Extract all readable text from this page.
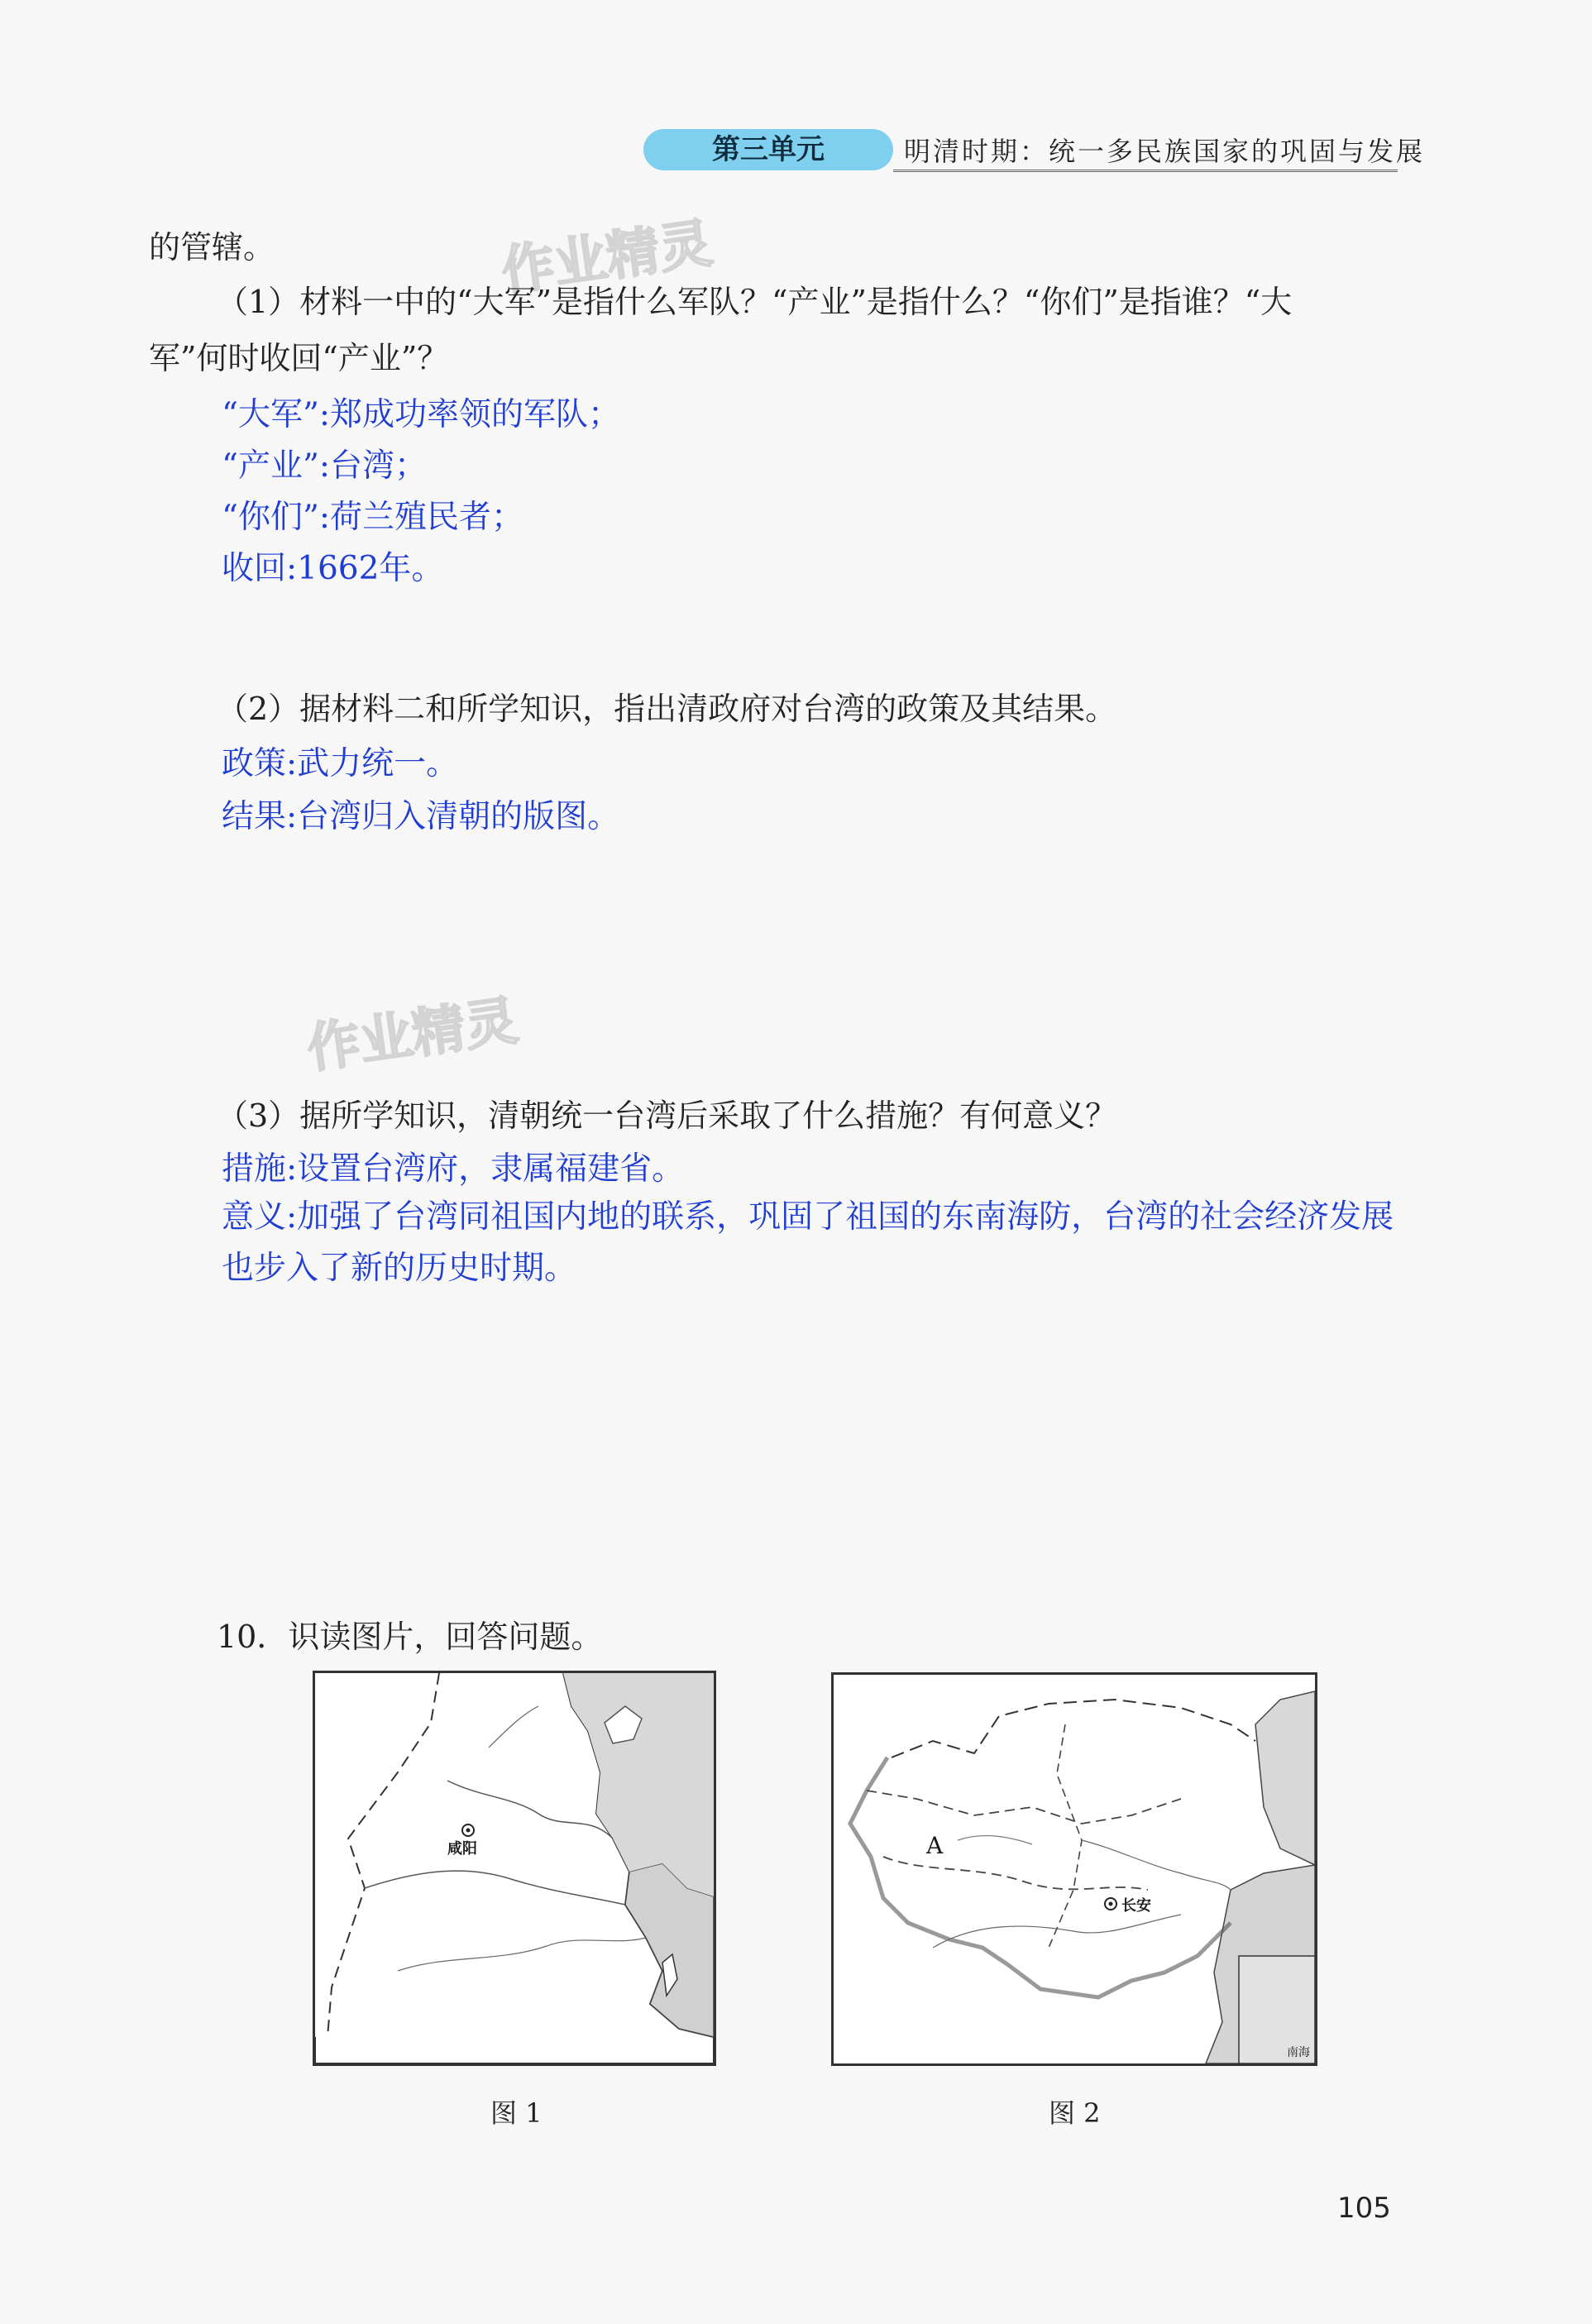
第三单元	明清时期：统一多民族国家的巩固与发展
作业精灵
作业精灵
的管辖。
（1）材料一中的“大军”是指什么军队？“产业”是指什么？“你们”是指谁？“大
军”何时收回“产业”？
“大军”:郑成功率领的军队；
“产业”:台湾；
“你们”:荷兰殖民者；
收回:1662年。
（2）据材料二和所学知识，指出清政府对台湾的政策及其结果。
政策:武力统一。
结果:台湾归入清朝的版图。
（3）据所学知识，清朝统一台湾后采取了什么措施？有何意义？
措施:设置台湾府，隶属福建省。
意义:加强了台湾同祖国内地的联系，巩固了祖国的东南海防，台湾的社会经济发展
也步入了新的历史时期。
10．识读图片，回答问题。
咸阳
图 1
长安
A
南海
图 2
105
